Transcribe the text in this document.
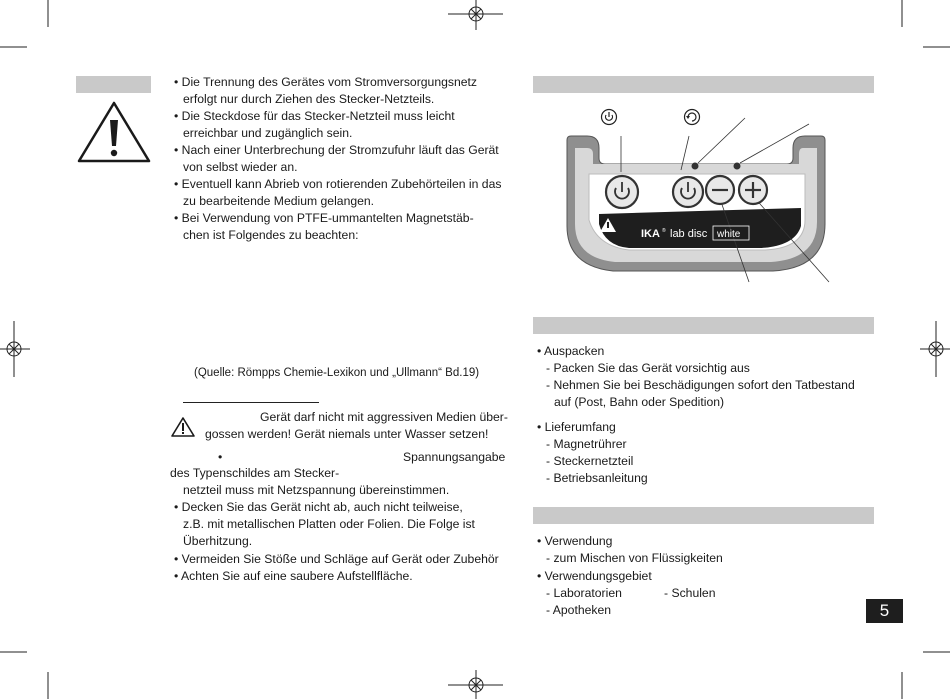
• Die Trennung des Gerätes vom Stromversorgungsnetz
erfolgt nur durch Ziehen des Stecker-Netzteils.
• Die Steckdose für das Stecker-Netzteil muss leicht
erreichbar und zugänglich sein.
• Nach einer Unterbrechung der Stromzufuhr läuft das Gerät
von selbst wieder an.
• Eventuell kann Abrieb von rotierenden Zubehörteilen in das
zu bearbeitende Medium gelangen.
• Bei Verwendung von PTFE-ummantelten Magnetstäb-
chen ist Folgendes zu beachten:
(Quelle: Römpps Chemie-Lexikon und „Ullmann“ Bd.19)
Gerät darf nicht mit aggressiven Medien über-
gossen werden! Gerät niemals unter Wasser setzen!
•	Spannungsangabe
des Typenschildes am Stecker-
netzteil muss mit Netzspannung übereinstimmen.
• Decken Sie das Gerät nicht ab, auch nicht teilweise,
z.B. mit metallischen Platten oder Folien. Die Folge ist
Überhitzung.
• Vermeiden Sie Stöße und Schläge auf Gerät oder Zubehör
• Achten Sie auf eine saubere Aufstellfläche.
IKA ® lab disc white
• Auspacken
- Packen Sie das Gerät vorsichtig aus
- Nehmen Sie bei Beschädigungen sofort den Tatbestand
auf (Post, Bahn oder Spedition)
• Lieferumfang
- Magnetrührer
- Steckernetzteil
- Betriebsanleitung
• Verwendung
- zum Mischen von Flüssigkeiten
• Verwendungsgebiet
- Laboratorien	- Schulen
- Apotheken	5
